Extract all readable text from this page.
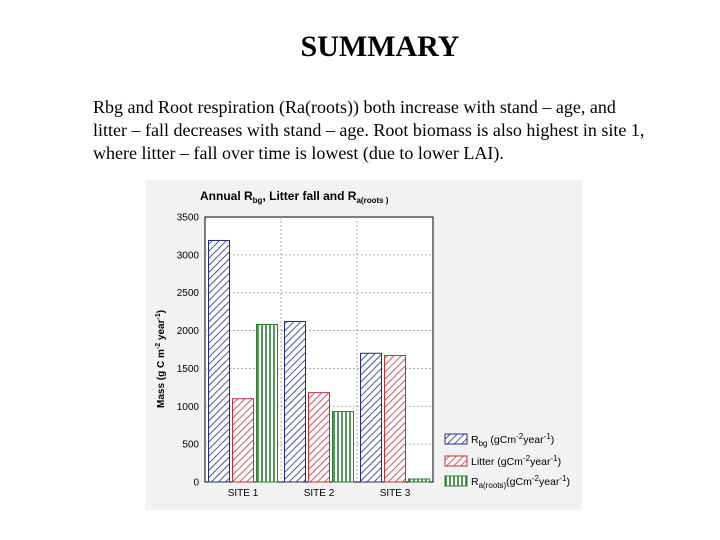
SUMMARY
Rbg and Root respiration (Ra(roots)) both increase with stand – age, and litter – fall decreases with stand – age. Root biomass is also highest in site 1, where litter – fall over time is lowest (due to lower LAI).
Annual $R_{bg}$, Litter fall and $R_{a(roots )}$
Mass (g C $m^{-2}$ year$^{-1}$)
0
500
1000
1500
2000
2500
3000
3500
SITE 1	SITE 2	SITE 3
$R_{bg}$ (gCm$^{-2}$year$^{-1}$)
Litter (gCm$^{-2}$year$^{-1}$)
$R_{a(roots)}(gCm^{-2}year^{-1})$
